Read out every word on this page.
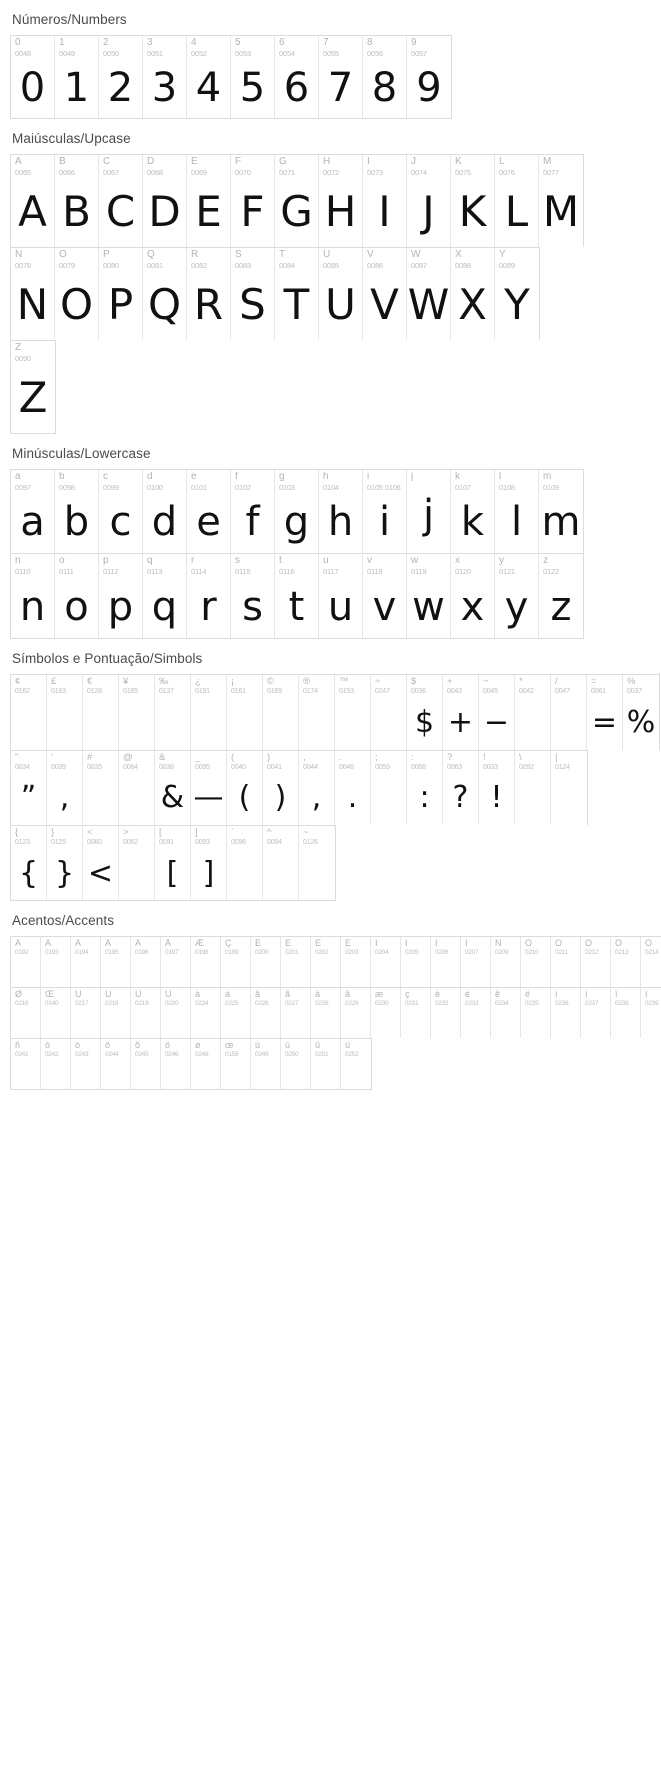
Números/Numbers
0
0048
0
1
0049
1
2
0050
2
3
0051
3
4
0052
4
5
0053
5
6
0054
6
7
0055
7
8
0056
8
9
0057
9
Maiúsculas/Upcase
A
0065
A
B
0066
B
C
0067
C
D
0068
D
E
0069
E
F
0070
F
G
0071
G
H
0072
H
I
0073
I
J
0074
J
K
0075
K
L
0076
L
M
0077
M
N
0078
N
O
0079
O
P
0080
P
Q
0081
Q
R
0082
R
S
0083
S
T
0084
T
U
0085
U
V
0086
V
W
0087
W
X
0088
X
Y
0089
Y
Z
0090
Z
Minúsculas/Lowercase
a
0097
a
b
0098
b
c
0099
c
d
0100
d
e
0101
e
f
0102
f
g
0103
g
h
0104
h
i
0105 0106
i
j
j
k
0107
k
l
0108
l
m
0109
m
n
0110
n
o
0111
o
p
0112
p
q
0113
q
r
0114
r
s
0115
s
t
0116
t
u
0117
u
v
0118
v
w
0119
w
x
0120
x
y
0121
y
z
0122
z
Símbolos e Pontuação/Simbols
¢
0162
£
0163
€
0128
¥
0165
‰
0137
¿
0191
¡
0161
©
0169
®
0174
™
0153
÷
0247
$
0036
$
+
0043
+
−
0045
−
*
0042
/
0047
=
0061
=
%
0037
%
"
0034
”
'
0039
,
#
0035
@
0064
&
0038
&
_
0095
—
(
0040
(
)
0041
)
,
0044
,
.
0046
.
;
0059
:
0058
:
?
0063
?
!
0033
!
\
0092
|
0124
{
0123
{
}
0125
}
<
0060
<
>
0062
[
0091
[
]
0093
]
`
0096
^
0094
~
0126
Acentos/Accents
À
0192
Á
0193
Â
0194
Ã
0195
Ä
0196
Å
0197
Æ
0198
Ç
0199
È
0200
É
0201
Ê
0202
Ë
0203
Ì
0204
Í
0205
Î
0206
Ï
0207
Ñ
0209
Ò
0210
Ó
0211
Ô
0212
Õ
0213
Ö
0214
Ø
0216
Œ
0140
Ù
0217
Ú
0218
Û
0219
Ü
0220
à
0224
á
0225
â
0226
ã
0227
ä
0228
å
0229
æ
0230
ç
0231
è
0232
é
0233
ê
0234
ë
0235
ì
0236
í
0237
î
0238
ï
0239
ñ
0241
ò
0242
ó
0243
ô
0244
õ
0245
ö
0246
ø
0248
œ
0156
ù
0249
ú
0250
û
0251
ü
0252
